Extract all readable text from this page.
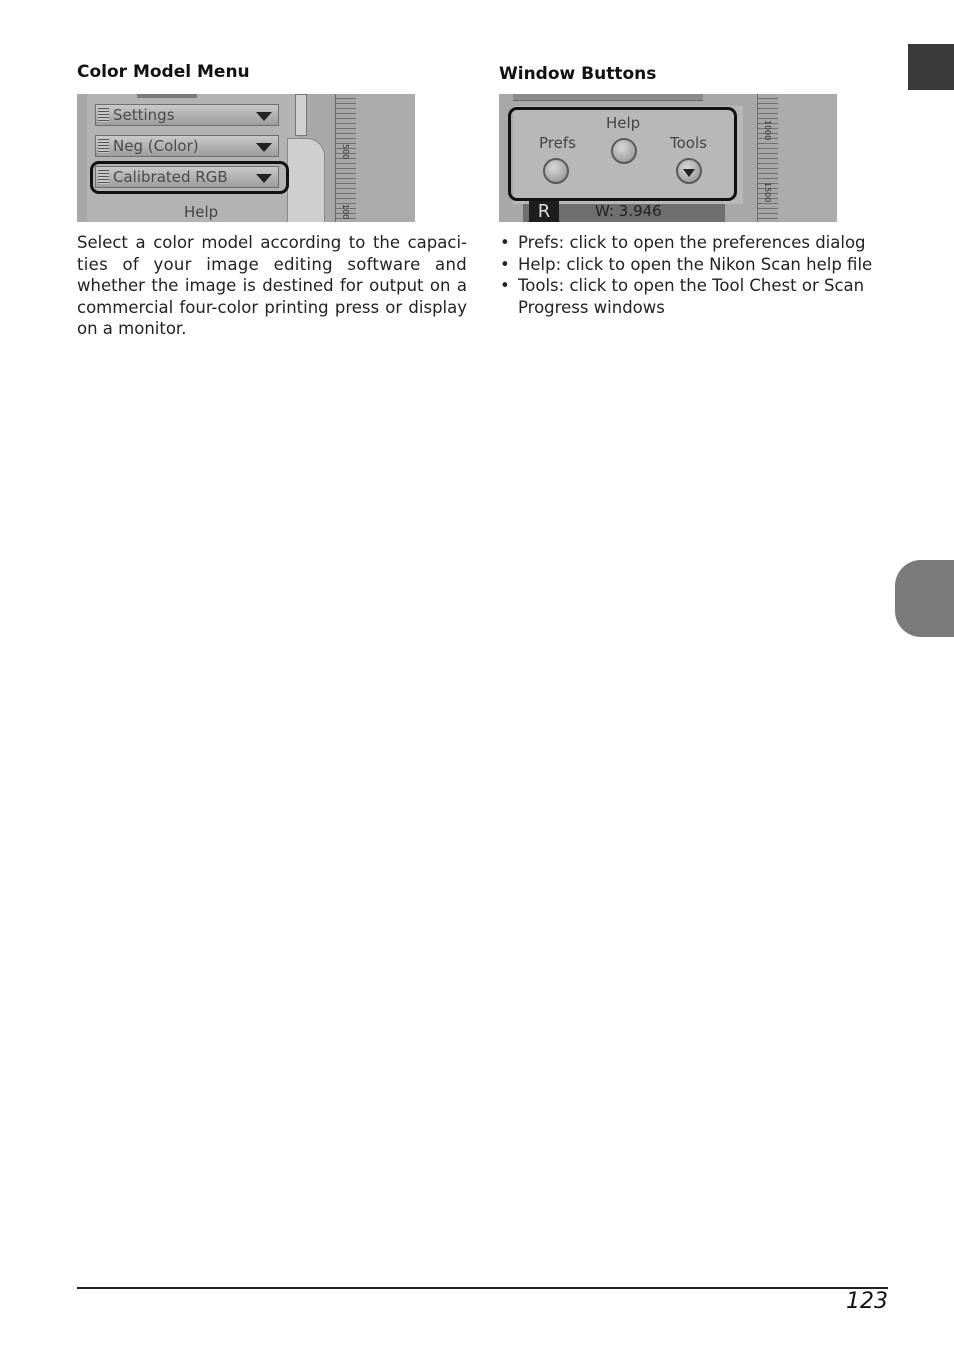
Color Model Menu
Settings
Neg (Color)
Calibrated RGB
Help
500
100
Select a color model according to the capaci-
ties of your image editing software and
whether the image is destined for output on a
commercial four-color printing press or display
on a monitor.
Window Buttons
Prefs
Help
Tools
R	W: 3.946
1000
1500
• Prefs: click to open the preferences dialog
• Help: click to open the Nikon Scan help file
• Tools: click to open the Tool Chest or Scan Progress windows
123
